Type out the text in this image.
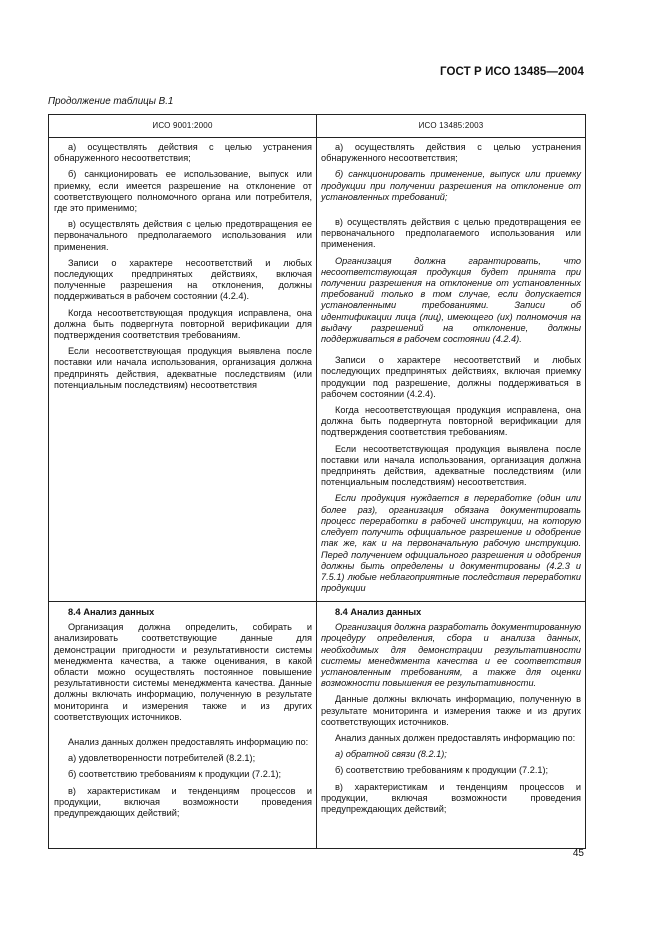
ГОСТ Р ИСО 13485—2004
Продолжение таблицы В.1
ИСО 9001:2000	ИСО 13485:2003

а) осуществлять действия с целью устранения обнаруженного несоответствия;

б) санкционировать ее использование, выпуск или приемку, если имеется разрешение на отклонение от соответствующего полномочного органа или потребителя, где это применимо;

в) осуществлять действия с целью предотвращения ее первоначального предполагаемого использования или применения.

Записи о характере несоответствий и любых последующих предпринятых действиях, включая полученные разрешения на отклонения, должны поддерживаться в рабочем состоянии (4.2.4).

Когда несоответствующая продукция исправлена, она должна быть подвергнута повторной верификации для подтверждения соответствия требованиям.

Если несоответствующая продукция выявлена после поставки или начала использования, организация должна предпринять действия, адекватные последствиям (или потенциальным последствиям) несоответствия

а) осуществлять действия с целью устранения обнаруженного несоответствия;

б) санкционировать применение, выпуск или приемку продукции при получении разрешения на отклонение от установленных требований;

в) осуществлять действия с целью предотвращения ее первоначального предполагаемого использования или применения.

Организация должна гарантировать, что несоответствующая продукция будет принята при получении разрешения на отклонение от установленных требований только в том случае, если допускается установленными требованиями. Записи об идентификации лица (лиц), имеющего (их) полномочия на выдачу разрешений на отклонение, должны поддерживаться в рабочем состоянии (4.2.4).

Записи о характере несоответствий и любых последующих предпринятых действиях, включая приемку продукции под разрешение, должны поддерживаться в рабочем состоянии (4.2.4).

Когда несоответствующая продукция исправлена, она должна быть подвергнута повторной верификации для подтверждения соответствия требованиям.

Если несоответствующая продукция выявлена после поставки или начала использования, организация должна предпринять действия, адекватные последствиям (или потенциальным последствиям) несоответствия.

Если продукция нуждается в переработке (один или более раз), организация обязана документировать процесс переработки в рабочей инструкции, на которую следует получить официальное разрешение и одобрение так же, как и на первоначальную рабочую инструкцию. Перед получением официального разрешения и одобрения должны быть определены и документированы (4.2.3 и 7.5.1) любые неблагоприятные последствия переработки продукции

8.4 Анализ данных

Организация должна определить, собирать и анализировать соответствующие данные для демонстрации пригодности и результативности системы менеджмента качества, а также оценивания, в какой области можно осуществлять постоянное повышение результативности системы менеджмента качества. Данные должны включать информацию, полученную в результате мониторинга и измерения также и из других соответствующих источников.

Анализ данных должен предоставлять информацию по:

а) удовлетворенности потребителей (8.2.1);

б) соответствию требованиям к продукции (7.2.1);

в) характеристикам и тенденциям процессов и продукции, включая возможности проведения предупреждающих действий;

8.4 Анализ данных

Организация должна разработать документированную процедуру определения, сбора и анализа данных, необходимых для демонстрации результативности системы менеджмента качества и ее соответствия установленным требованиям, а также для оценки возможности повышения ее результативности.

Данные должны включать информацию, полученную в результате мониторинга и измерения также и из других соответствующих источников.

Анализ данных должен предоставлять информацию по:

а) обратной связи (8.2.1);

б) соответствию требованиям к продукции (7.2.1);

в) характеристикам и тенденциям процессов и продукции, включая возможности проведения предупреждающих действий;

45
